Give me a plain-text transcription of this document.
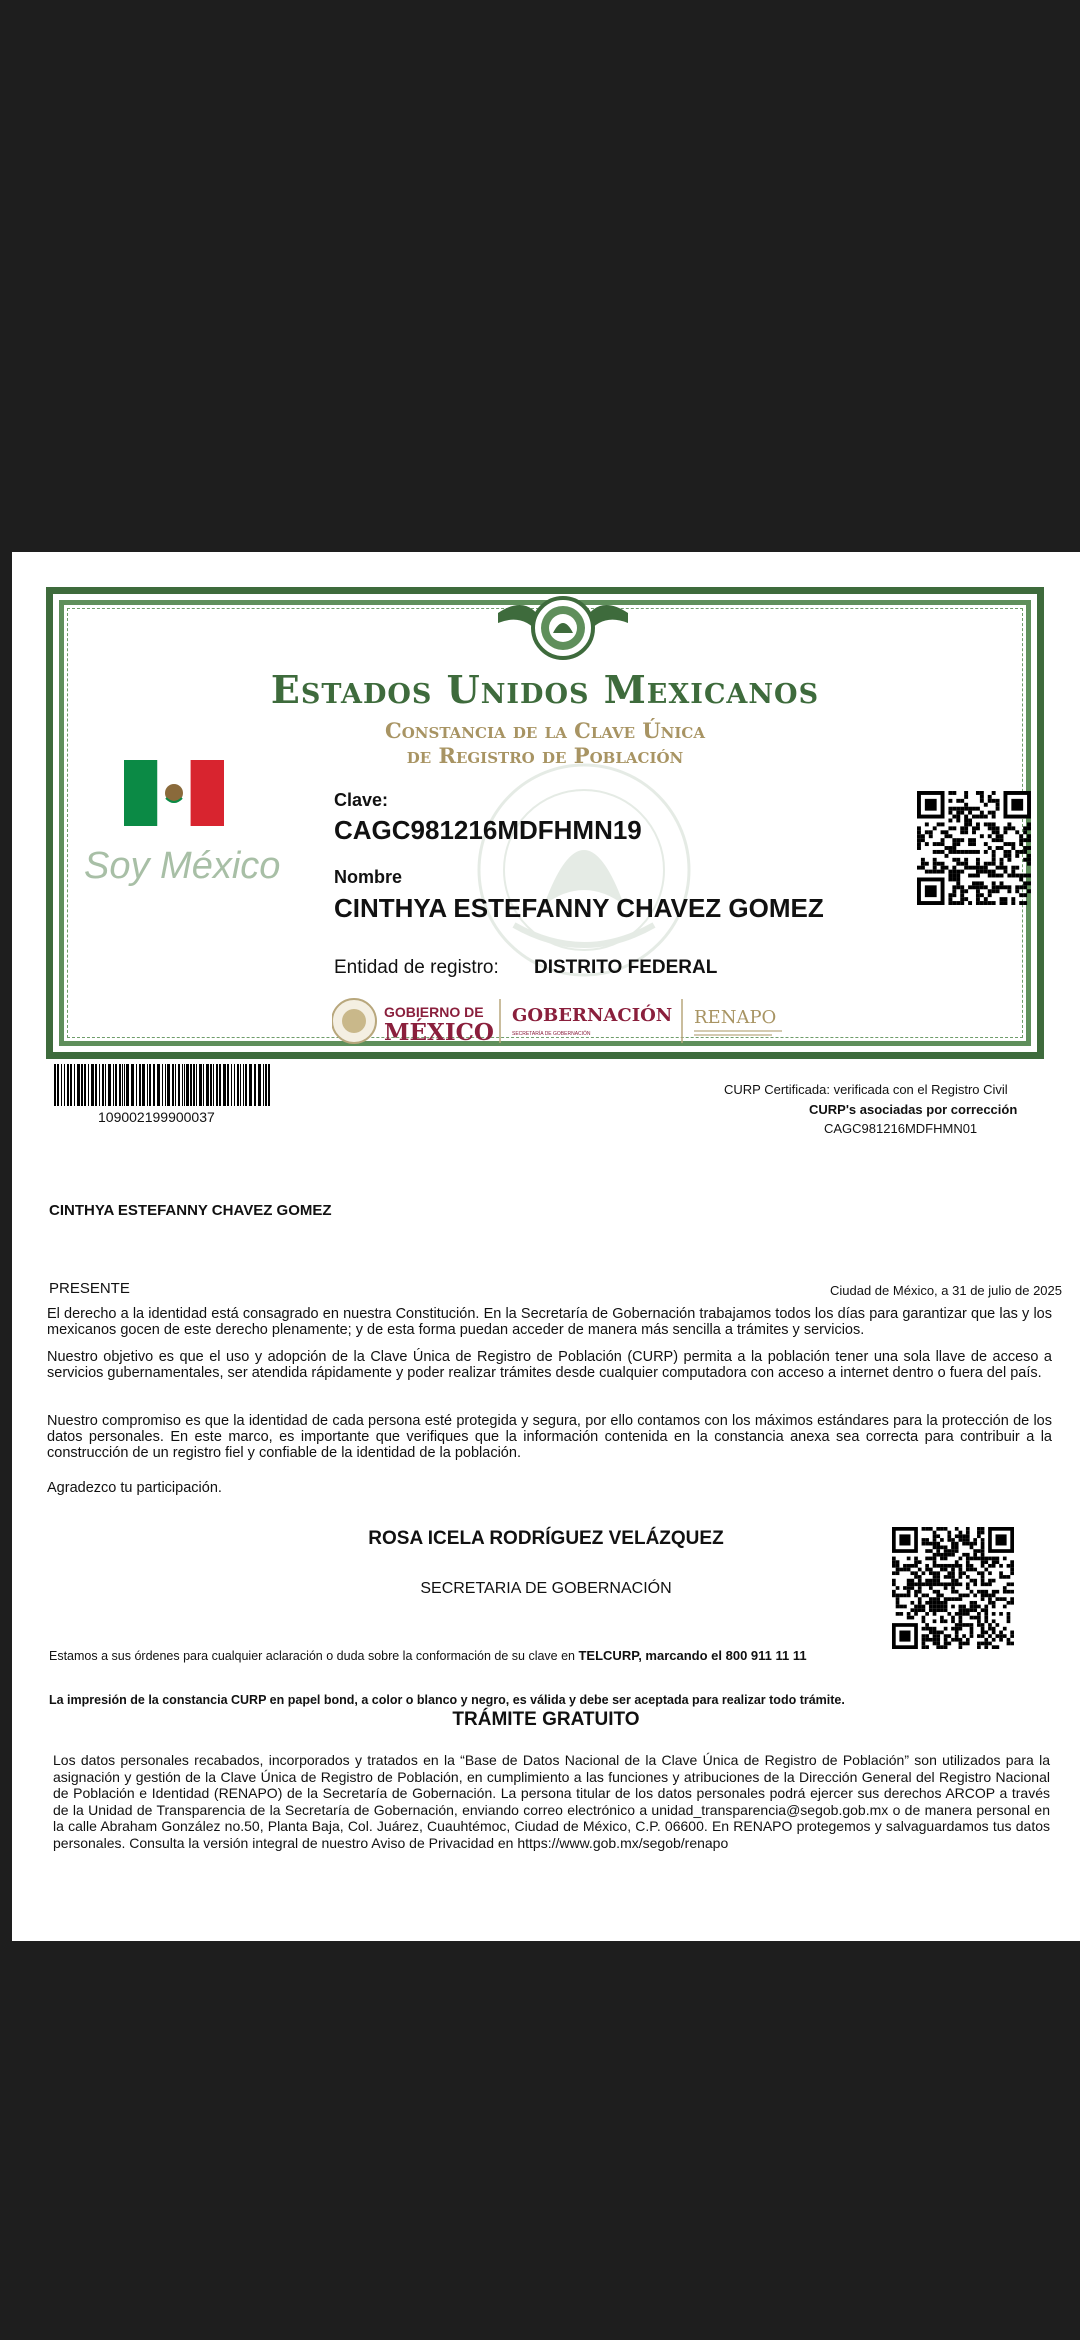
Estados Unidos Mexicanos
Constancia de la Clave Única
de Registro de Población
Soy México
Clave:
CAGC981216MDFHMN19
Nombre
CINTHYA ESTEFANNY CHAVEZ GOMEZ
Entidad de registro: DISTRITO FEDERAL
GOBIERNO DE
MÉXICO
GOBERNACIÓN
SECRETARÍA DE GOBERNACIÓN
RENAPO
109002199900037
CURP Certificada: verificada con el Registro Civil
CURP's asociadas por corrección
CAGC981216MDFHMN01
CINTHYA ESTEFANNY CHAVEZ GOMEZ
PRESENTE	Ciudad de México, a 31 de julio de 2025
El derecho a la identidad está consagrado en nuestra Constitución. En la Secretaría de Gobernación trabajamos todos los días para garantizar que las y los mexicanos gocen de este derecho plenamente; y de esta forma puedan acceder de manera más sencilla a trámites y servicios.
Nuestro objetivo es que el uso y adopción de la Clave Única de Registro de Población (CURP) permita a la población tener una sola llave de acceso a servicios gubernamentales, ser atendida rápidamente y poder realizar trámites desde cualquier computadora con acceso a internet dentro o fuera del país.
Nuestro compromiso es que la identidad de cada persona esté protegida y segura, por ello contamos con los máximos estándares para la protección de los datos personales. En este marco, es importante que verifiques que la información contenida en la constancia anexa sea correcta para contribuir a la construcción de un registro fiel y confiable de la identidad de la población.
Agradezco tu participación.
ROSA ICELA RODRÍGUEZ VELÁZQUEZ
SECRETARIA DE GOBERNACIÓN
Estamos a sus órdenes para cualquier aclaración o duda sobre la conformación de su clave en TELCURP, marcando el 800 911 11 11
La impresión de la constancia CURP en papel bond, a color o blanco y negro, es válida y debe ser aceptada para realizar todo trámite.
TRÁMITE GRATUITO
Los datos personales recabados, incorporados y tratados en la “Base de Datos Nacional de la Clave Única de Registro de Población” son utilizados para la asignación y gestión de la Clave Única de Registro de Población, en cumplimiento a las funciones y atribuciones de la Dirección General del Registro Nacional de Población e Identidad (RENAPO) de la Secretaría de Gobernación. La persona titular de los datos personales podrá ejercer sus derechos ARCOP a través de la Unidad de Transparencia de la Secretaría de Gobernación, enviando correo electrónico a unidad_transparencia@segob.gob.mx o de manera personal en la calle Abraham González no.50, Planta Baja, Col. Juárez, Cuauhtémoc, Ciudad de México, C.P. 06600. En RENAPO protegemos y salvaguardamos tus datos personales. Consulta la versión integral de nuestro Aviso de Privacidad en https://www.gob.mx/segob/renapo
